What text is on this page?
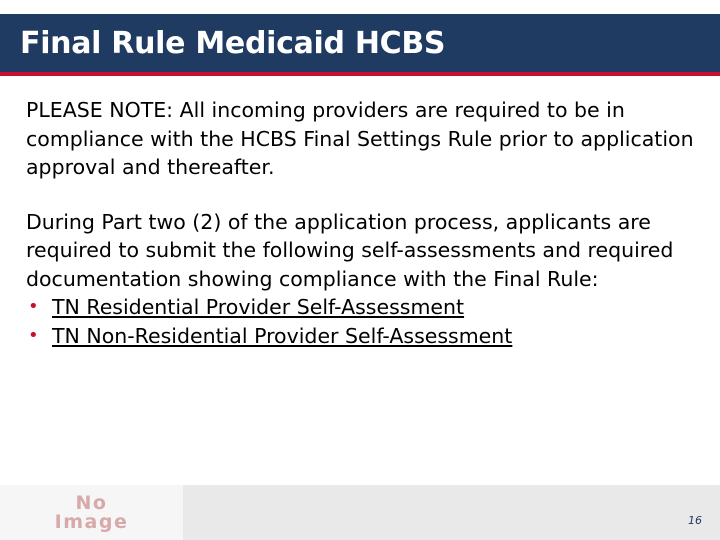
Final Rule Medicaid HCBS

PLEASE NOTE: All incoming providers are required to be in compliance with the HCBS Final Settings Rule prior to application approval and thereafter.

During Part two (2) of the application process, applicants are required to submit the following self-assessments and required documentation showing compliance with the Final Rule:

• TN Residential Provider Self-Assessment
• TN Non-Residential Provider Self-Assessment
No
Image	16
